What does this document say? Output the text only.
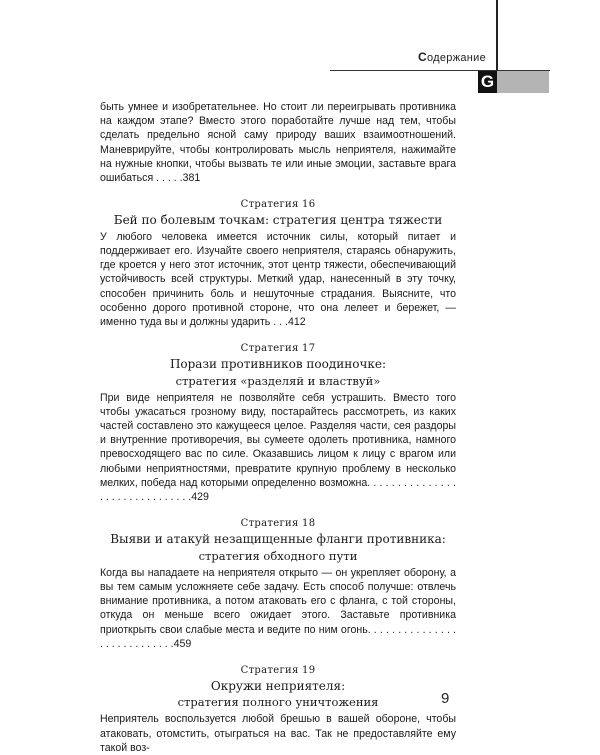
Содержание
G

быть умнее и изобретательнее. Но стоит ли переигрывать противника на каждом этапе? Вместо этого поработайте лучше над тем, чтобы сделать предельно ясной саму природу ваших взаимоотношений. Маневрируйте, чтобы контролировать мысль неприятеля, нажимайте на нужные кнопки, чтобы вызвать те или иные эмоции, заставьте врага ошибаться . . . . .381

Стратегия 16
Бей по болевым точкам: стратегия центра тяжести

У любого человека имеется источник силы, который питает и поддерживает его. Изучайте своего неприятеля, стараясь обнаружить, где кроется у него этот источник, этот центр тяжести, обеспечивающий устойчивость всей структуры. Меткий удар, нанесенный в эту точку, способен причинить боль и нешуточные страдания. Выясните, что особенно дорого противной стороне, что она лелеет и бережет, — именно туда вы и должны ударить . . .412

Стратегия 17
Порази противников поодиночке:
стратегия «разделяй и властвуй»

При виде неприятеля не позволяйте себя устрашить. Вместо того чтобы ужасаться грозному виду, постарайтесь рассмотреть, из каких частей составлено это кажущееся целое. Разделяя части, сея раздоры и внутренние противоречия, вы сумеете одолеть противника, намного превосходящего вас по силе. Оказавшись лицом к лицу с врагом или любыми неприятностями, превратите крупную проблему в несколько мелких, победа над которыми определенно возможна. . . . . . . . . . . . . . . . . . . . . . . . . . . . . . .429

Стратегия 18
Выяви и атакуй незащищенные фланги противника:
стратегия обходного пути

Когда вы нападаете на неприятеля открыто — он укрепляет оборону, а вы тем самым усложняете себе задачу. Есть способ получше: отвлечь внимание противника, а потом атаковать его с фланга, с той стороны, откуда он меньше всего ожидает этого. Заставьте противника приоткрыть свои слабые места и ведите по ним огонь. . . . . . . . . . . . . . . . . . . . . . . . . . . .459

Стратегия 19
Окружи неприятеля:
стратегия полного уничтожения

Неприятель воспользуется любой брешью в вашей обороне, чтобы атаковать, отомстить, отыграться на вас. Так не предоставляйте ему такой воз-

9
